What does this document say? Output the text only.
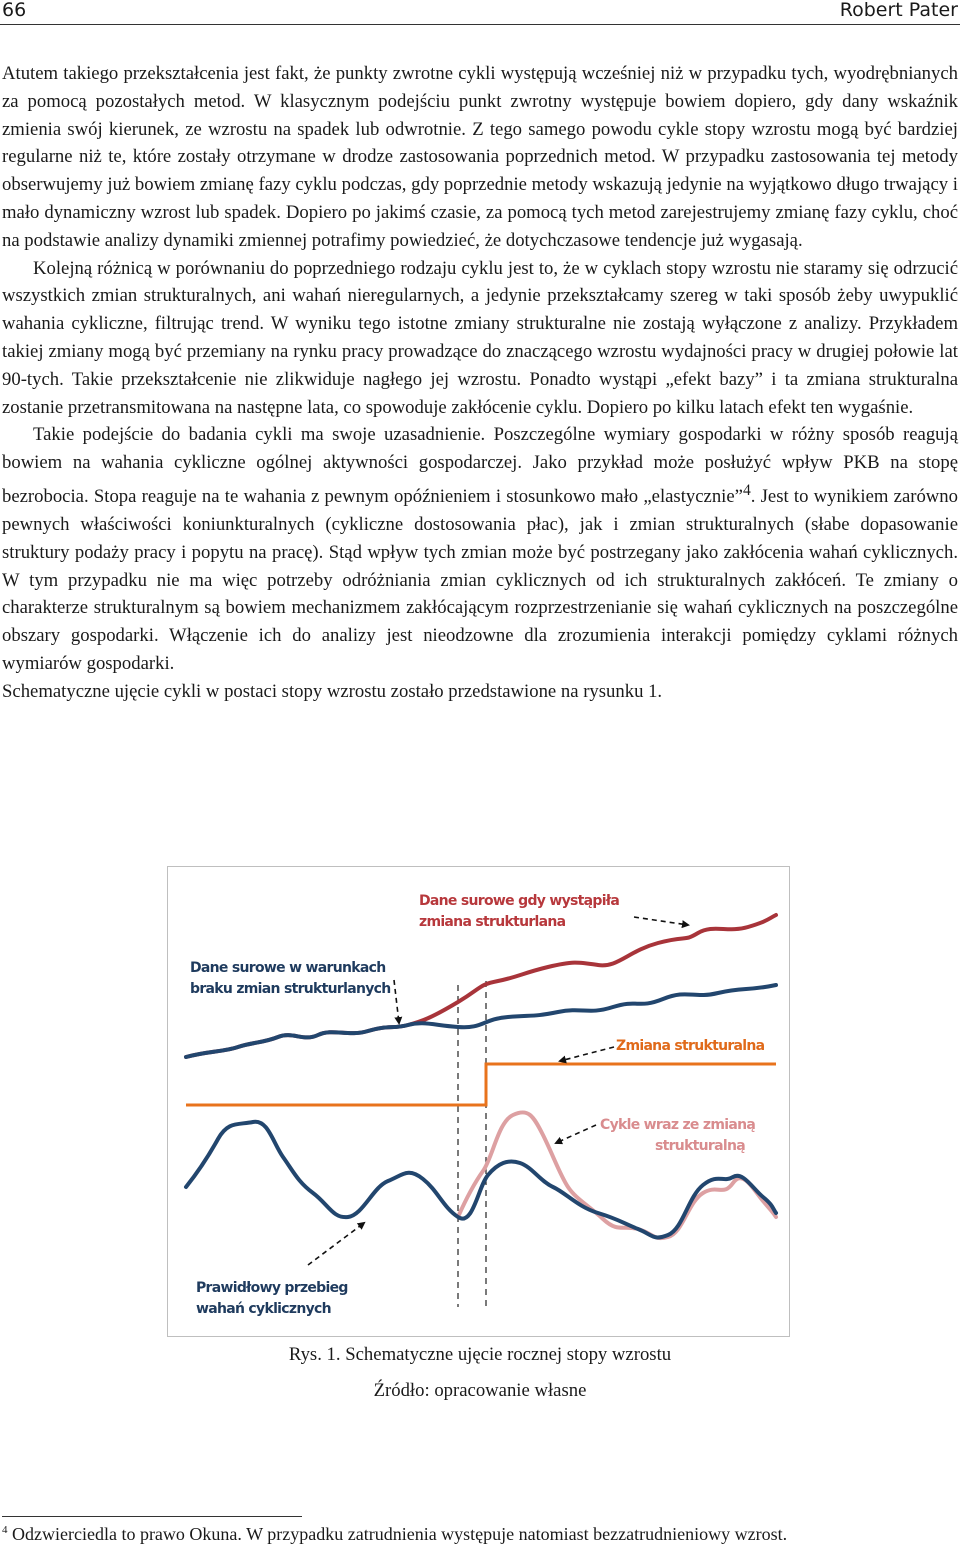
66	Robert Pater

Atutem takiego przekształcenia jest fakt, że punkty zwrotne cykli występują wcześniej niż w przypadku tych, wyodrębnianych za pomocą pozostałych metod. W klasycznym podejściu punkt zwrotny występuje bowiem dopiero, gdy dany wskaźnik zmienia swój kierunek, ze wzrostu na spadek lub odwrotnie. Z tego samego powodu cykle stopy wzrostu mogą być bardziej regularne niż te, które zostały otrzymane w drodze zastosowania poprzednich metod. W przypadku zastosowania tej metody obserwujemy już bowiem zmianę fazy cyklu podczas, gdy poprzednie metody wskazują jedynie na wyjątkowo długo trwający i mało dynamiczny wzrost lub spadek. Dopiero po jakimś czasie, za pomocą tych metod zarejestrujemy zmianę fazy cyklu, choć na podstawie analizy dynamiki zmiennej potrafimy powiedzieć, że dotychczasowe tendencje już wygasają.

Kolejną różnicą w porównaniu do poprzedniego rodzaju cyklu jest to, że w cyklach stopy wzrostu nie staramy się odrzucić wszystkich zmian strukturalnych, ani wahań nieregularnych, a jedynie przekształcamy szereg w taki sposób żeby uwypuklić wahania cykliczne, filtrując trend. W wyniku tego istotne zmiany strukturalne nie zostają wyłączone z analizy. Przykładem takiej zmiany mogą być przemiany na rynku pracy prowadzące do znaczącego wzrostu wydajności pracy w drugiej połowie lat 90-tych. Takie przekształcenie nie zlikwiduje nagłego jej wzrostu. Ponadto wystąpi „efekt bazy” i ta zmiana strukturalna zostanie przetransmitowana na następne lata, co spowoduje zakłócenie cyklu. Dopiero po kilku latach efekt ten wygaśnie.

Takie podejście do badania cykli ma swoje uzasadnienie. Poszczególne wymiary gospodarki w różny sposób reagują bowiem na wahania cykliczne ogólnej aktywności gospodarczej. Jako przykład może posłużyć wpływ PKB na stopę bezrobocia. Stopa reaguje na te wahania z pewnym opóźnieniem i stosunkowo mało „elastycznie”$^4$. Jest to wynikiem zarówno pewnych właściwości koniunkturalnych (cykliczne dostosowania płac), jak i zmian strukturalnych (słabe dopasowanie struktury podaży pracy i popytu na pracę). Stąd wpływ tych zmian może być postrzegany jako zakłócenia wahań cyklicznych. W tym przypadku nie ma więc potrzeby odróżniania zmian cyklicznych od ich strukturalnych zakłóceń. Te zmiany o charakterze strukturalnym są bowiem mechanizmem zakłócającym rozprzestrzenianie się wahań cyklicznych na poszczególne obszary gospodarki. Włączenie ich do analizy jest nieodzowne dla zrozumienia interakcji pomiędzy cyklami różnych wymiarów gospodarki.

Schematyczne ujęcie cykli w postaci stopy wzrostu zostało przedstawione na rysunku 1.

Dane surowe gdy wystąpiła
zmiana strukturlana
Dane surowe w warunkach
braku zmian strukturlanych
Zmiana strukturalna
Cykle wraz ze zmianą
strukturalną
Prawidłowy przebieg
wahań cyklicznych
Rys. 1. Schematyczne ujęcie rocznej stopy wzrostu
Źródło: opracowanie własne
$^4$ Odzwierciedla to prawo Okuna. W przypadku zatrudnienia występuje natomiast bezzatrudnieniowy wzrost.
